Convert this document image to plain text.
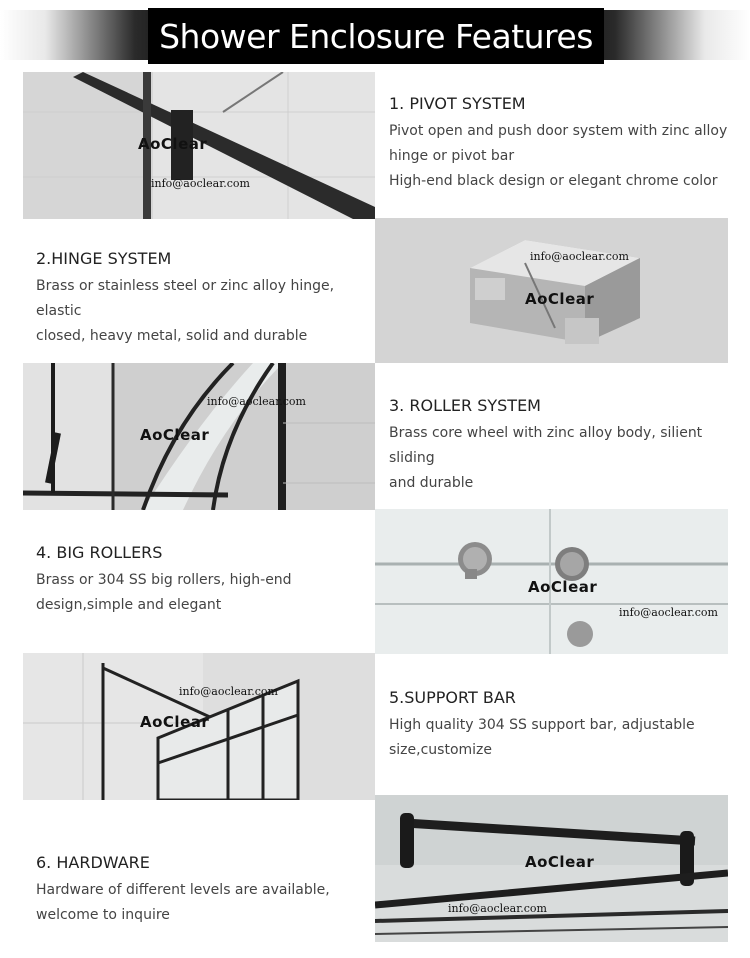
Shower Enclosure Features
AoClear
info@aoclear.com
1. PIVOT SYSTEM

Pivot open and push door system with zinc alloy

hinge or pivot bar

High-end black design or elegant chrome color

2.HINGE SYSTEM

Brass or stainless steel or zinc alloy hinge, elastic

closed, heavy metal, solid and durable

info@aoclear.com
AoClear
info@aoclear.com
AoClear
3. ROLLER SYSTEM

Brass core wheel with zinc alloy body, silient sliding

and durable

4. BIG ROLLERS

Brass or 304 SS big rollers, high-end

design,simple and elegant

AoClear
info@aoclear.com
info@aoclear.com
AoClear
5.SUPPORT BAR

High quality 304 SS support bar, adjustable

size,customize

6. HARDWARE

Hardware of different levels are available,

welcome to inquire

AoClear
info@aoclear.com
